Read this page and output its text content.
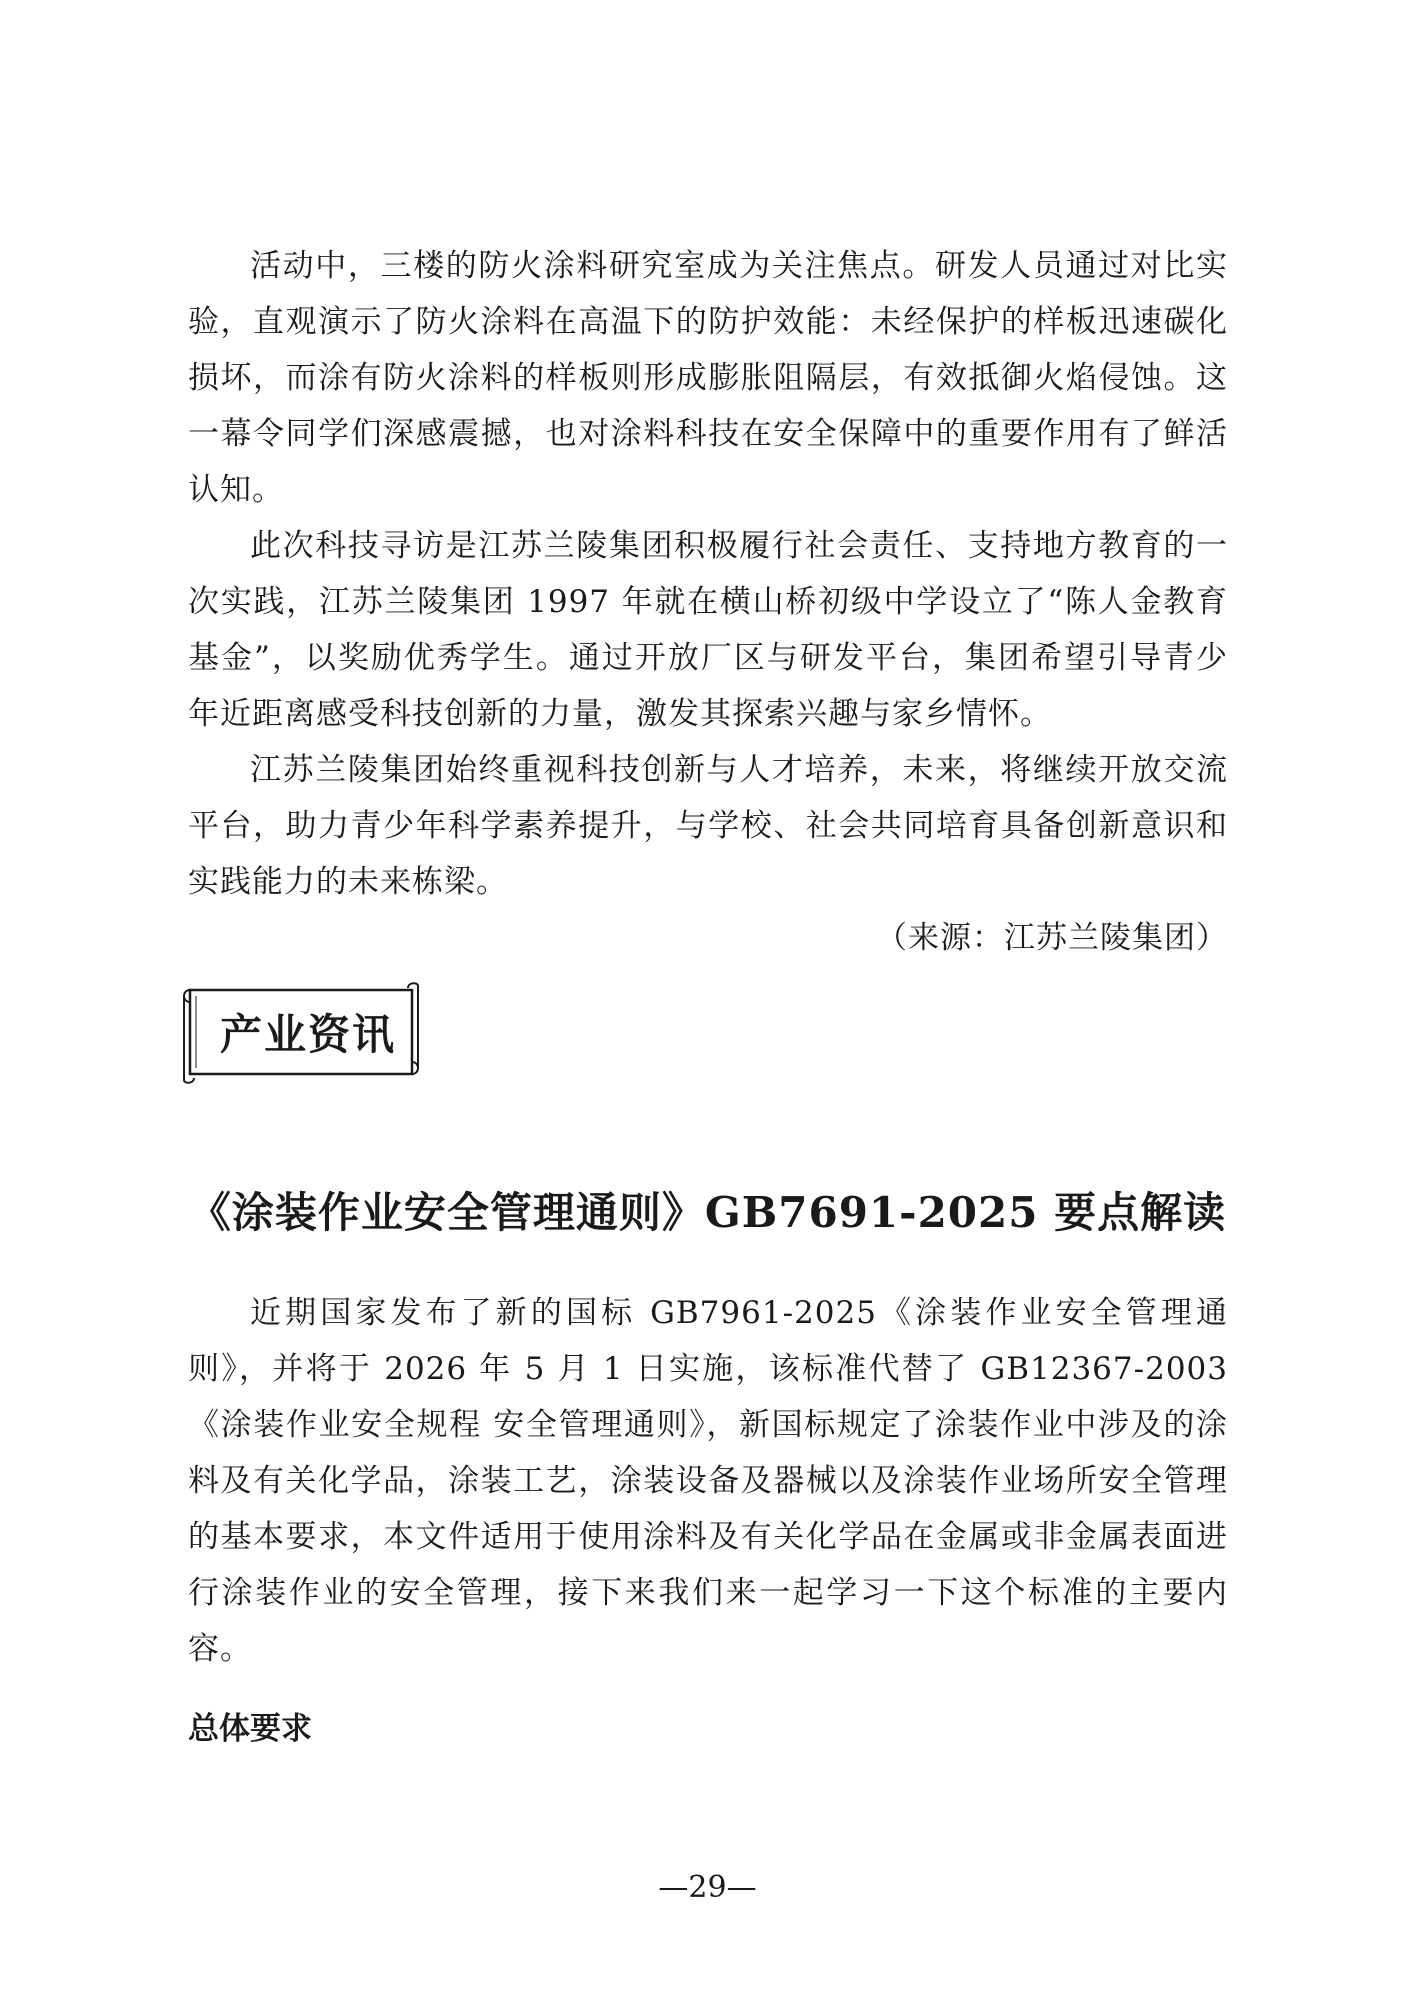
活动中，三楼的防火涂料研究室成为关注焦点。研发人员通过对比实验，直观演示了防火涂料在高温下的防护效能：未经保护的样板迅速碳化损坏，而涂有防火涂料的样板则形成膨胀阻隔层，有效抵御火焰侵蚀。这一幕令同学们深感震撼，也对涂料科技在安全保障中的重要作用有了鲜活认知。

此次科技寻访是江苏兰陵集团积极履行社会责任、支持地方教育的一次实践，江苏兰陵集团 1997 年就在横山桥初级中学设立了“陈人金教育基金”，以奖励优秀学生。通过开放厂区与研发平台，集团希望引导青少年近距离感受科技创新的力量，激发其探索兴趣与家乡情怀。

江苏兰陵集团始终重视科技创新与人才培养，未来，将继续开放交流平台，助力青少年科学素养提升，与学校、社会共同培育具备创新意识和实践能力的未来栋梁。
（来源：江苏兰陵集团）

产业资讯
《涂装作业安全管理通则》GB7691-2025 要点解读

近期国家发布了新的国标 GB7961-2025《涂装作业安全管理通则》，并将于 2026 年 5 月 1 日实施，该标准代替了 GB12367-2003《涂装作业安全规程 安全管理通则》，新国标规定了涂装作业中涉及的涂料及有关化学品，涂装工艺，涂装设备及器械以及涂装作业场所安全管理的基本要求，本文件适用于使用涂料及有关化学品在金属或非金属表面进行涂装作业的安全管理，接下来我们来一起学习一下这个标准的主要内容。

总体要求
—29—
